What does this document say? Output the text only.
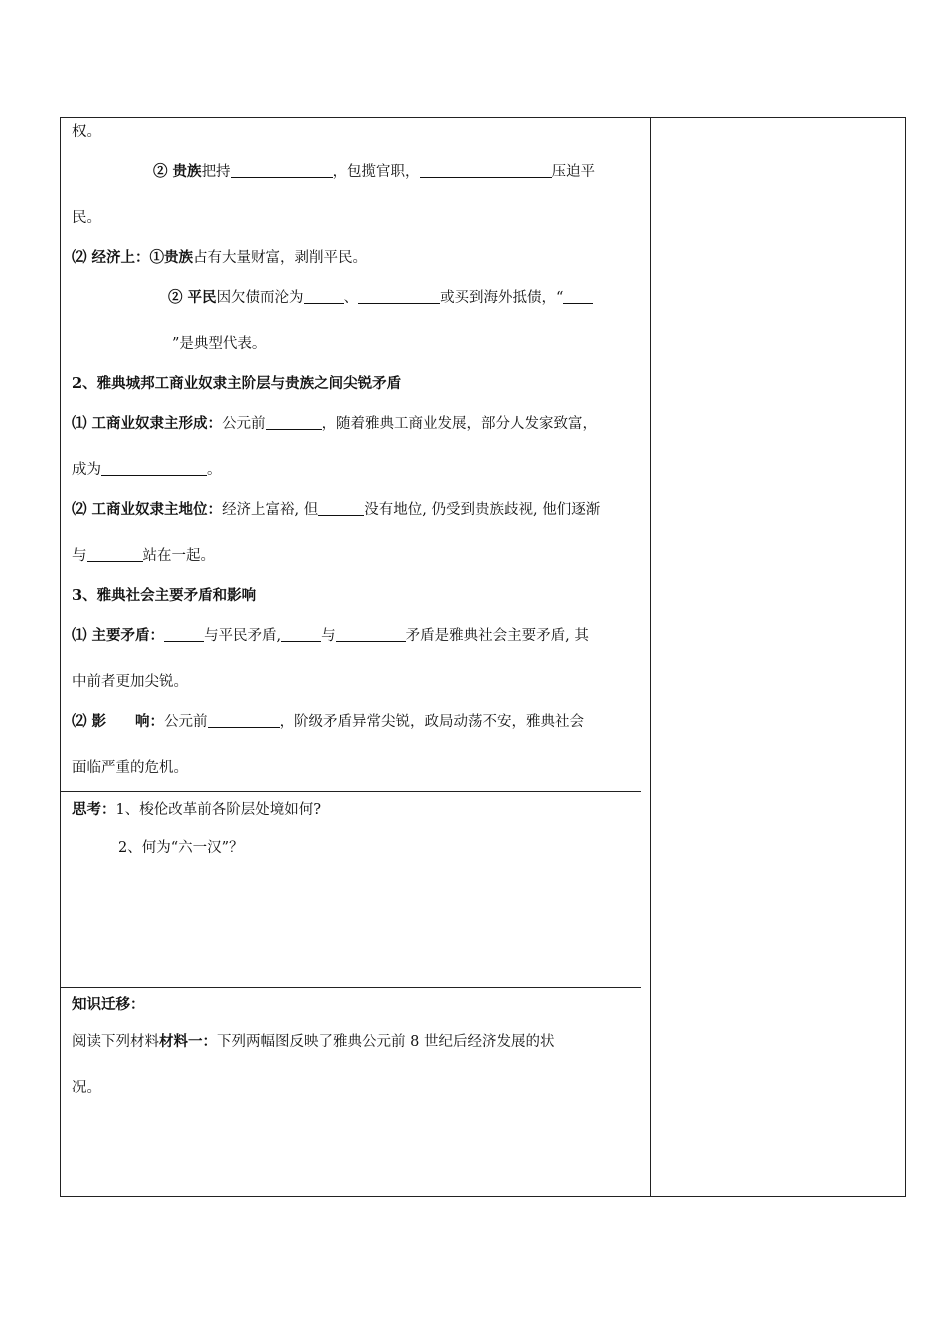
权。
② 贵族把持	，包揽官职，	压迫平
民。
⑵ 经济上：①贵族占有大量财富，剥削平民。
② 平民因欠债而沦为	、	或买到海外抵债，“
”是典型代表。
2、雅典城邦工商业奴隶主阶层与贵族之间尖锐矛盾
⑴ 工商业奴隶主形成：公元前	，随着雅典工商业发展，部分人发家致富，
成为	。
⑵ 工商业奴隶主地位：经济上富裕, 但	没有地位, 仍受到贵族歧视, 他们逐渐
与	站在一起。
3、雅典社会主要矛盾和影响
⑴ 主要矛盾：	与平民矛盾,	与	矛盾是雅典社会主要矛盾, 其
中前者更加尖锐。
⑵ 影　　响：公元前	，阶级矛盾异常尖锐，政局动荡不安，雅典社会
面临严重的危机。
思考：1、梭伦改革前各阶层处境如何?
2、何为“六一汉”？
知识迁移：
阅读下列材料材料一：下列两幅图反映了雅典公元前 8 世纪后经济发展的状
况。
